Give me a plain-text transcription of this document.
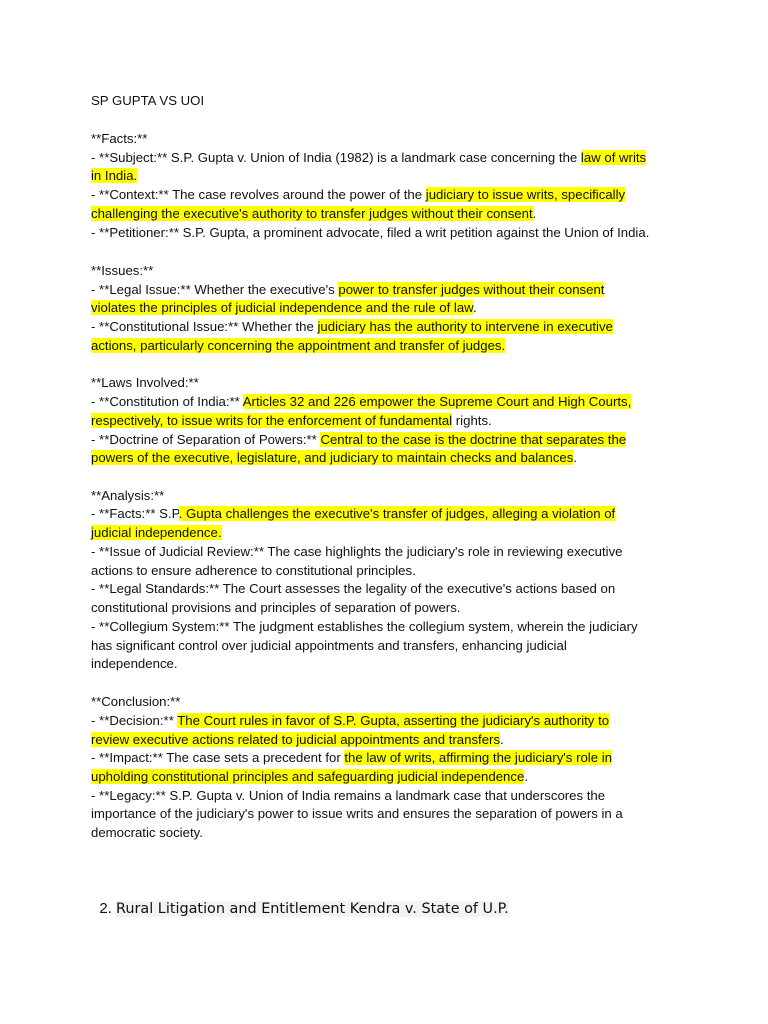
SP GUPTA VS UOI
**Facts:**
- **Subject:** S.P. Gupta v. Union of India (1982) is a landmark case concerning the law of writs
in India.
- **Context:** The case revolves around the power of the judiciary to issue writs, specifically
challenging the executive's authority to transfer judges without their consent.
- **Petitioner:** S.P. Gupta, a prominent advocate, filed a writ petition against the Union of India.
**Issues:**
- **Legal Issue:** Whether the executive's power to transfer judges without their consent
violates the principles of judicial independence and the rule of law.
- **Constitutional Issue:** Whether the judiciary has the authority to intervene in executive
actions, particularly concerning the appointment and transfer of judges.
**Laws Involved:**
- **Constitution of India:** Articles 32 and 226 empower the Supreme Court and High Courts,
respectively, to issue writs for the enforcement of fundamental rights.
- **Doctrine of Separation of Powers:** Central to the case is the doctrine that separates the
powers of the executive, legislature, and judiciary to maintain checks and balances.
**Analysis:**
- **Facts:** S.P. Gupta challenges the executive's transfer of judges, alleging a violation of
judicial independence.
- **Issue of Judicial Review:** The case highlights the judiciary's role in reviewing executive
actions to ensure adherence to constitutional principles.
- **Legal Standards:** The Court assesses the legality of the executive's actions based on
constitutional provisions and principles of separation of powers.
- **Collegium System:** The judgment establishes the collegium system, wherein the judiciary
has significant control over judicial appointments and transfers, enhancing judicial
independence.
**Conclusion:**
- **Decision:** The Court rules in favor of S.P. Gupta, asserting the judiciary's authority to
review executive actions related to judicial appointments and transfers.
- **Impact:** The case sets a precedent for the law of writs, affirming the judiciary's role in
upholding constitutional principles and safeguarding judicial independence.
- **Legacy:** S.P. Gupta v. Union of India remains a landmark case that underscores the
importance of the judiciary's power to issue writs and ensures the separation of powers in a
democratic society.

2. Rural Litigation and Entitlement Kendra v. State of U.P.
